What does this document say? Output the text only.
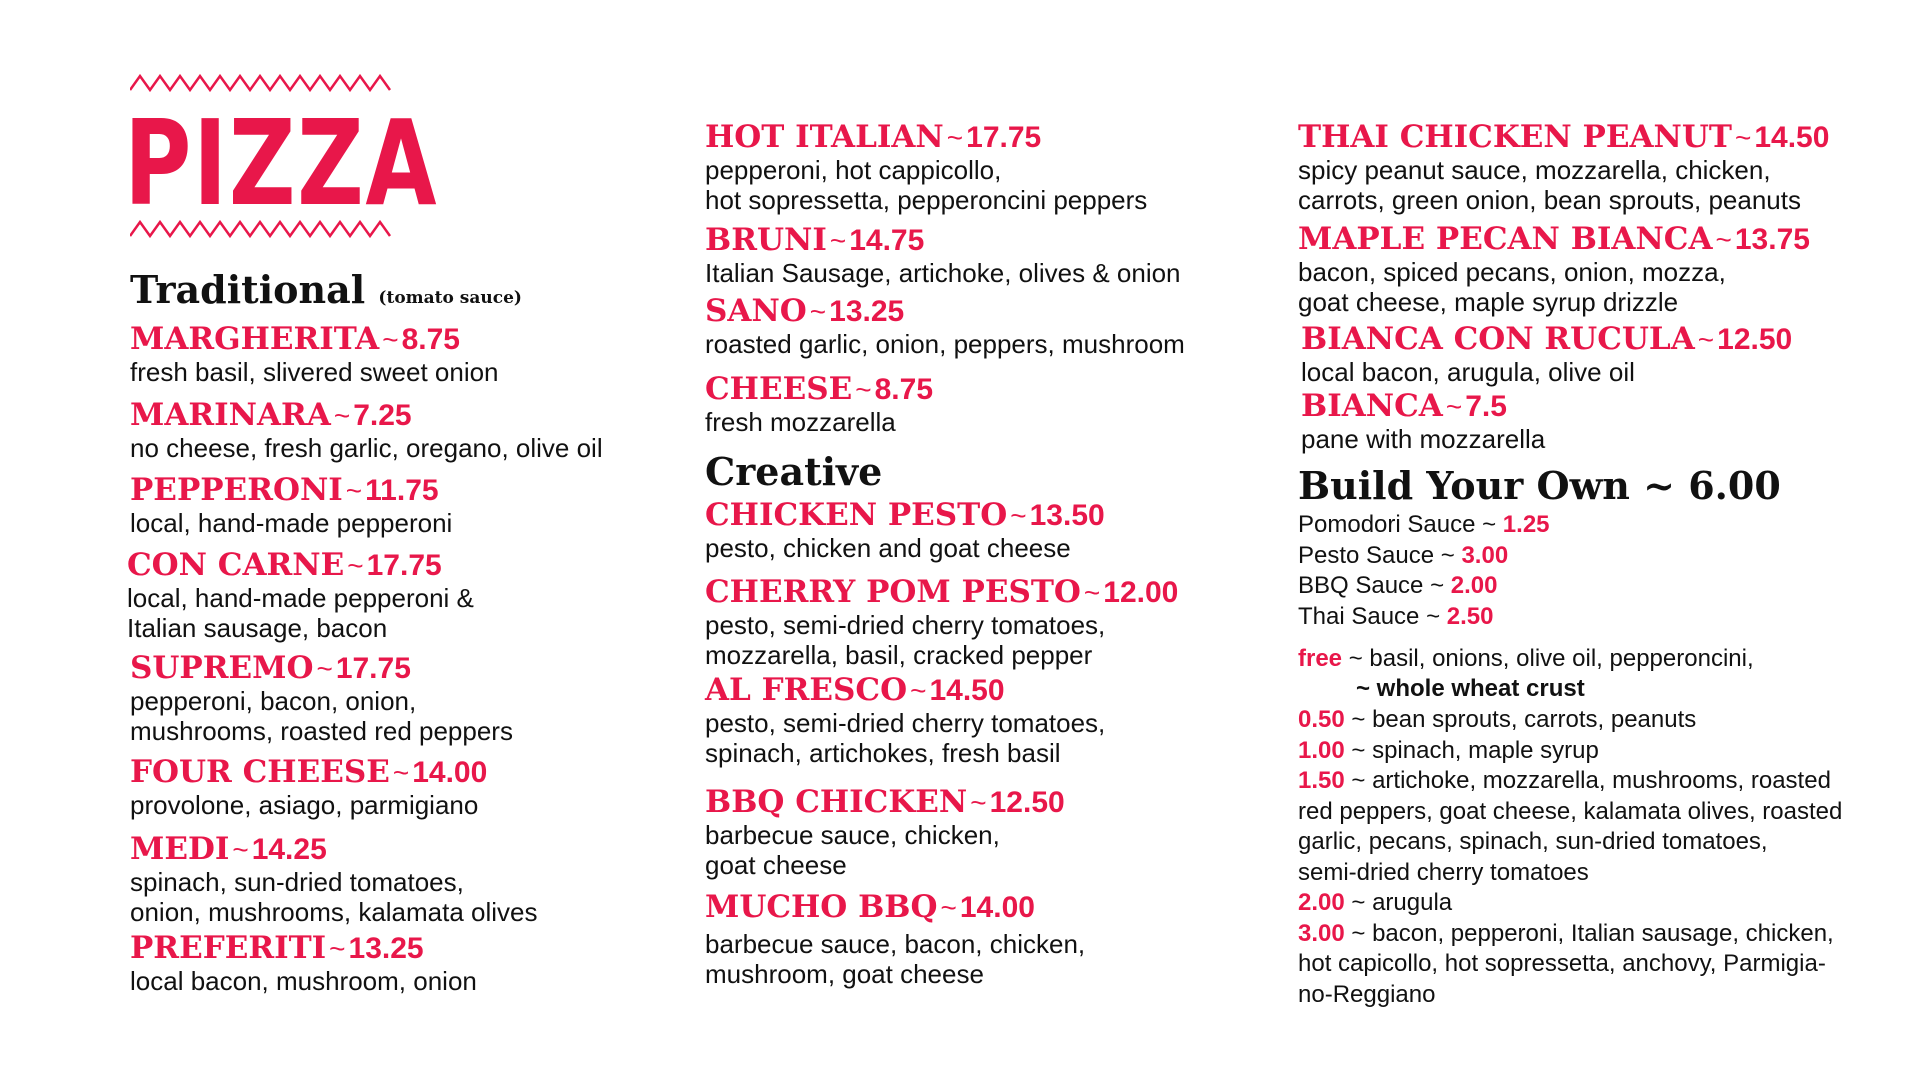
PIZZA
Traditional (tomato sauce)
MARGHERITA ~ 8.75
fresh basil, slivered sweet onion
MARINARA ~ 7.25
no cheese, fresh garlic, oregano, olive oil
PEPPERONI ~ 11.75
local, hand-made pepperoni
CON CARNE ~ 17.75
local, hand-made pepperoni &
Italian sausage, bacon
SUPREMO ~ 17.75
pepperoni, bacon, onion,
mushrooms, roasted red peppers
FOUR CHEESE ~ 14.00
provolone, asiago, parmigiano
MEDI ~ 14.25
spinach, sun-dried tomatoes,
onion, mushrooms, kalamata olives
PREFERITI ~ 13.25
local bacon, mushroom, onion
HOT ITALIAN ~ 17.75
pepperoni, hot cappicollo,
hot sopressetta, pepperoncini peppers
BRUNI ~ 14.75
Italian Sausage, artichoke, olives & onion
SANO ~ 13.25
roasted garlic, onion, peppers, mushroom
CHEESE ~ 8.75
fresh mozzarella
Creative
CHICKEN PESTO ~ 13.50
pesto, chicken and goat cheese
CHERRY POM PESTO ~ 12.00
pesto, semi-dried cherry tomatoes,
mozzarella, basil, cracked pepper
AL FRESCO ~ 14.50
pesto, semi-dried cherry tomatoes,
spinach, artichokes, fresh basil
BBQ CHICKEN ~ 12.50
barbecue sauce, chicken,
goat cheese
MUCHO BBQ ~ 14.00
barbecue sauce, bacon, chicken,
mushroom, goat cheese
THAI CHICKEN PEANUT ~ 14.50
spicy peanut sauce, mozzarella, chicken,
carrots, green onion, bean sprouts, peanuts
MAPLE PECAN BIANCA ~ 13.75
bacon, spiced pecans, onion, mozza,
goat cheese, maple syrup drizzle
BIANCA CON RUCULA ~ 12.50
local bacon, arugula, olive oil
BIANCA ~ 7.5
pane with mozzarella
Build Your Own ~ 6.00
Pomodori Sauce ~ 1.25
Pesto Sauce ~ 3.00
BBQ Sauce ~ 2.00
Thai Sauce ~ 2.50
free ~ basil, onions, olive oil, pepperoncini,
~ whole wheat crust
0.50 ~ bean sprouts, carrots, peanuts
1.00 ~ spinach, maple syrup
1.50 ~ artichoke, mozzarella, mushrooms, roasted
red peppers, goat cheese, kalamata olives, roasted
garlic, pecans, spinach, sun-dried tomatoes,
semi-dried cherry tomatoes
2.00 ~ arugula
3.00 ~ bacon, pepperoni, Italian sausage, chicken,
hot capicollo, hot sopressetta, anchovy, Parmigia-
no-Reggiano
